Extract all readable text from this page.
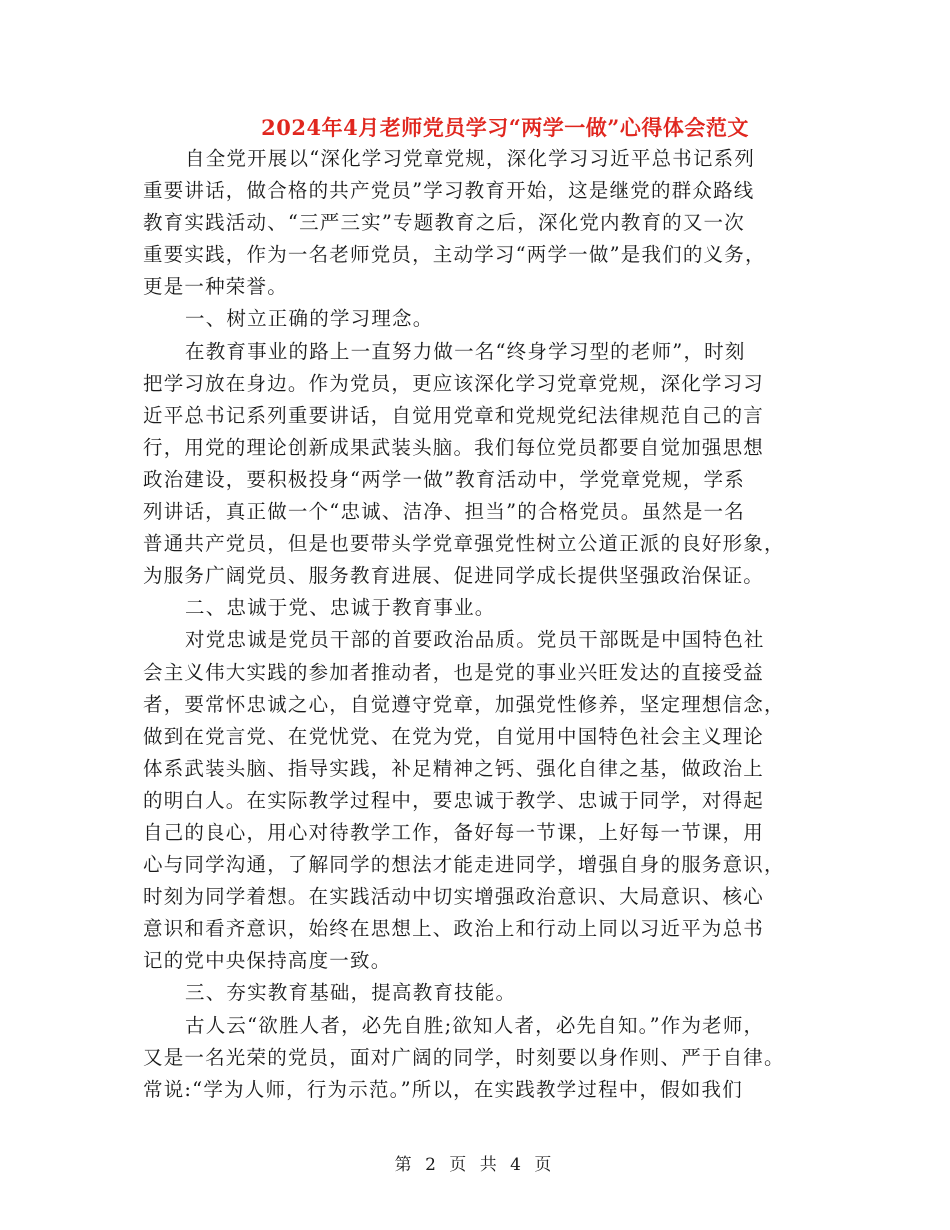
2024年4月老师党员学习“两学一做”心得体会范文
自全党开展以“深化学习党章党规，深化学习习近平总书记系列
重要讲话，做合格的共产党员”学习教育开始，这是继党的群众路线
教育实践活动、“三严三实”专题教育之后，深化党内教育的又一次
重要实践，作为一名老师党员，主动学习“两学一做”是我们的义务，
更是一种荣誉。
一、树立正确的学习理念。
在教育事业的路上一直努力做一名“终身学习型的老师”，时刻
把学习放在身边。作为党员，更应该深化学习党章党规，深化学习习
近平总书记系列重要讲话，自觉用党章和党规党纪法律规范自己的言
行，用党的理论创新成果武装头脑。我们每位党员都要自觉加强思想
政治建设，要积极投身“两学一做”教育活动中，学党章党规，学系
列讲话，真正做一个“忠诚、洁净、担当”的合格党员。虽然是一名
普通共产党员，但是也要带头学党章强党性树立公道正派的良好形象，
为服务广阔党员、服务教育进展、促进同学成长提供坚强政治保证。
二、忠诚于党、忠诚于教育事业。
对党忠诚是党员干部的首要政治品质。党员干部既是中国特色社
会主义伟大实践的参加者推动者，也是党的事业兴旺发达的直接受益
者，要常怀忠诚之心，自觉遵守党章，加强党性修养，坚定理想信念，
做到在党言党、在党忧党、在党为党，自觉用中国特色社会主义理论
体系武装头脑、指导实践，补足精神之钙、强化自律之基，做政治上
的明白人。在实际教学过程中，要忠诚于教学、忠诚于同学，对得起
自己的良心，用心对待教学工作，备好每一节课，上好每一节课，用
心与同学沟通，了解同学的想法才能走进同学，增强自身的服务意识，
时刻为同学着想。在实践活动中切实增强政治意识、大局意识、核心
意识和看齐意识，始终在思想上、政治上和行动上同以习近平为总书
记的党中央保持高度一致。
三、夯实教育基础，提高教育技能。
古人云“欲胜人者，必先自胜;欲知人者，必先自知。”作为老师，
又是一名光荣的党员，面对广阔的同学，时刻要以身作则、严于自律。
常说:“学为人师，行为示范。”所以，在实践教学过程中，假如我们
第 2 页 共 4 页
